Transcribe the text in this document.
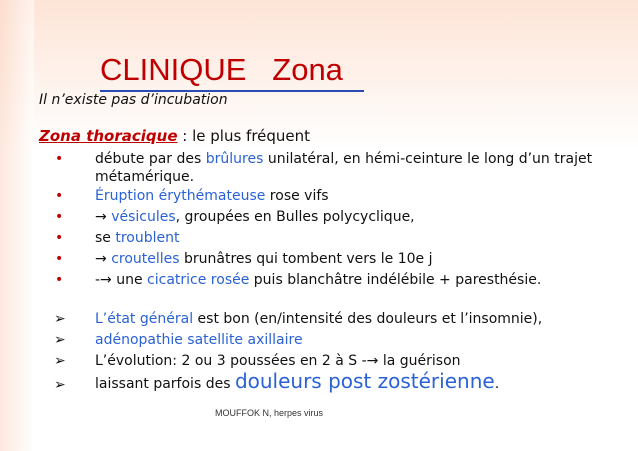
CLINIQUE Zona
Il n’existe pas d’incubation
Zona thoracique : le plus fréquent
• débute par des brûlures unilatéral, en hémi-ceinture le long d’un trajet métamérique.
• Éruption érythémateuse rose vifs
• → vésicules, groupées en Bulles polycyclique,
• se troublent
• → croutelles brunâtres qui tombent vers le 10e j
• -→ une cicatrice rosée puis blanchâtre indélébile + paresthésie.
➢ L’état général est bon (en/intensité des douleurs et l’insomnie),
➢ adénopathie satellite axillaire
➢ L’évolution: 2 ou 3 poussées en 2 à S -→ la guérison
➢ laissant parfois des douleurs post zostérienne.
MOUFFOK N, herpes virus
